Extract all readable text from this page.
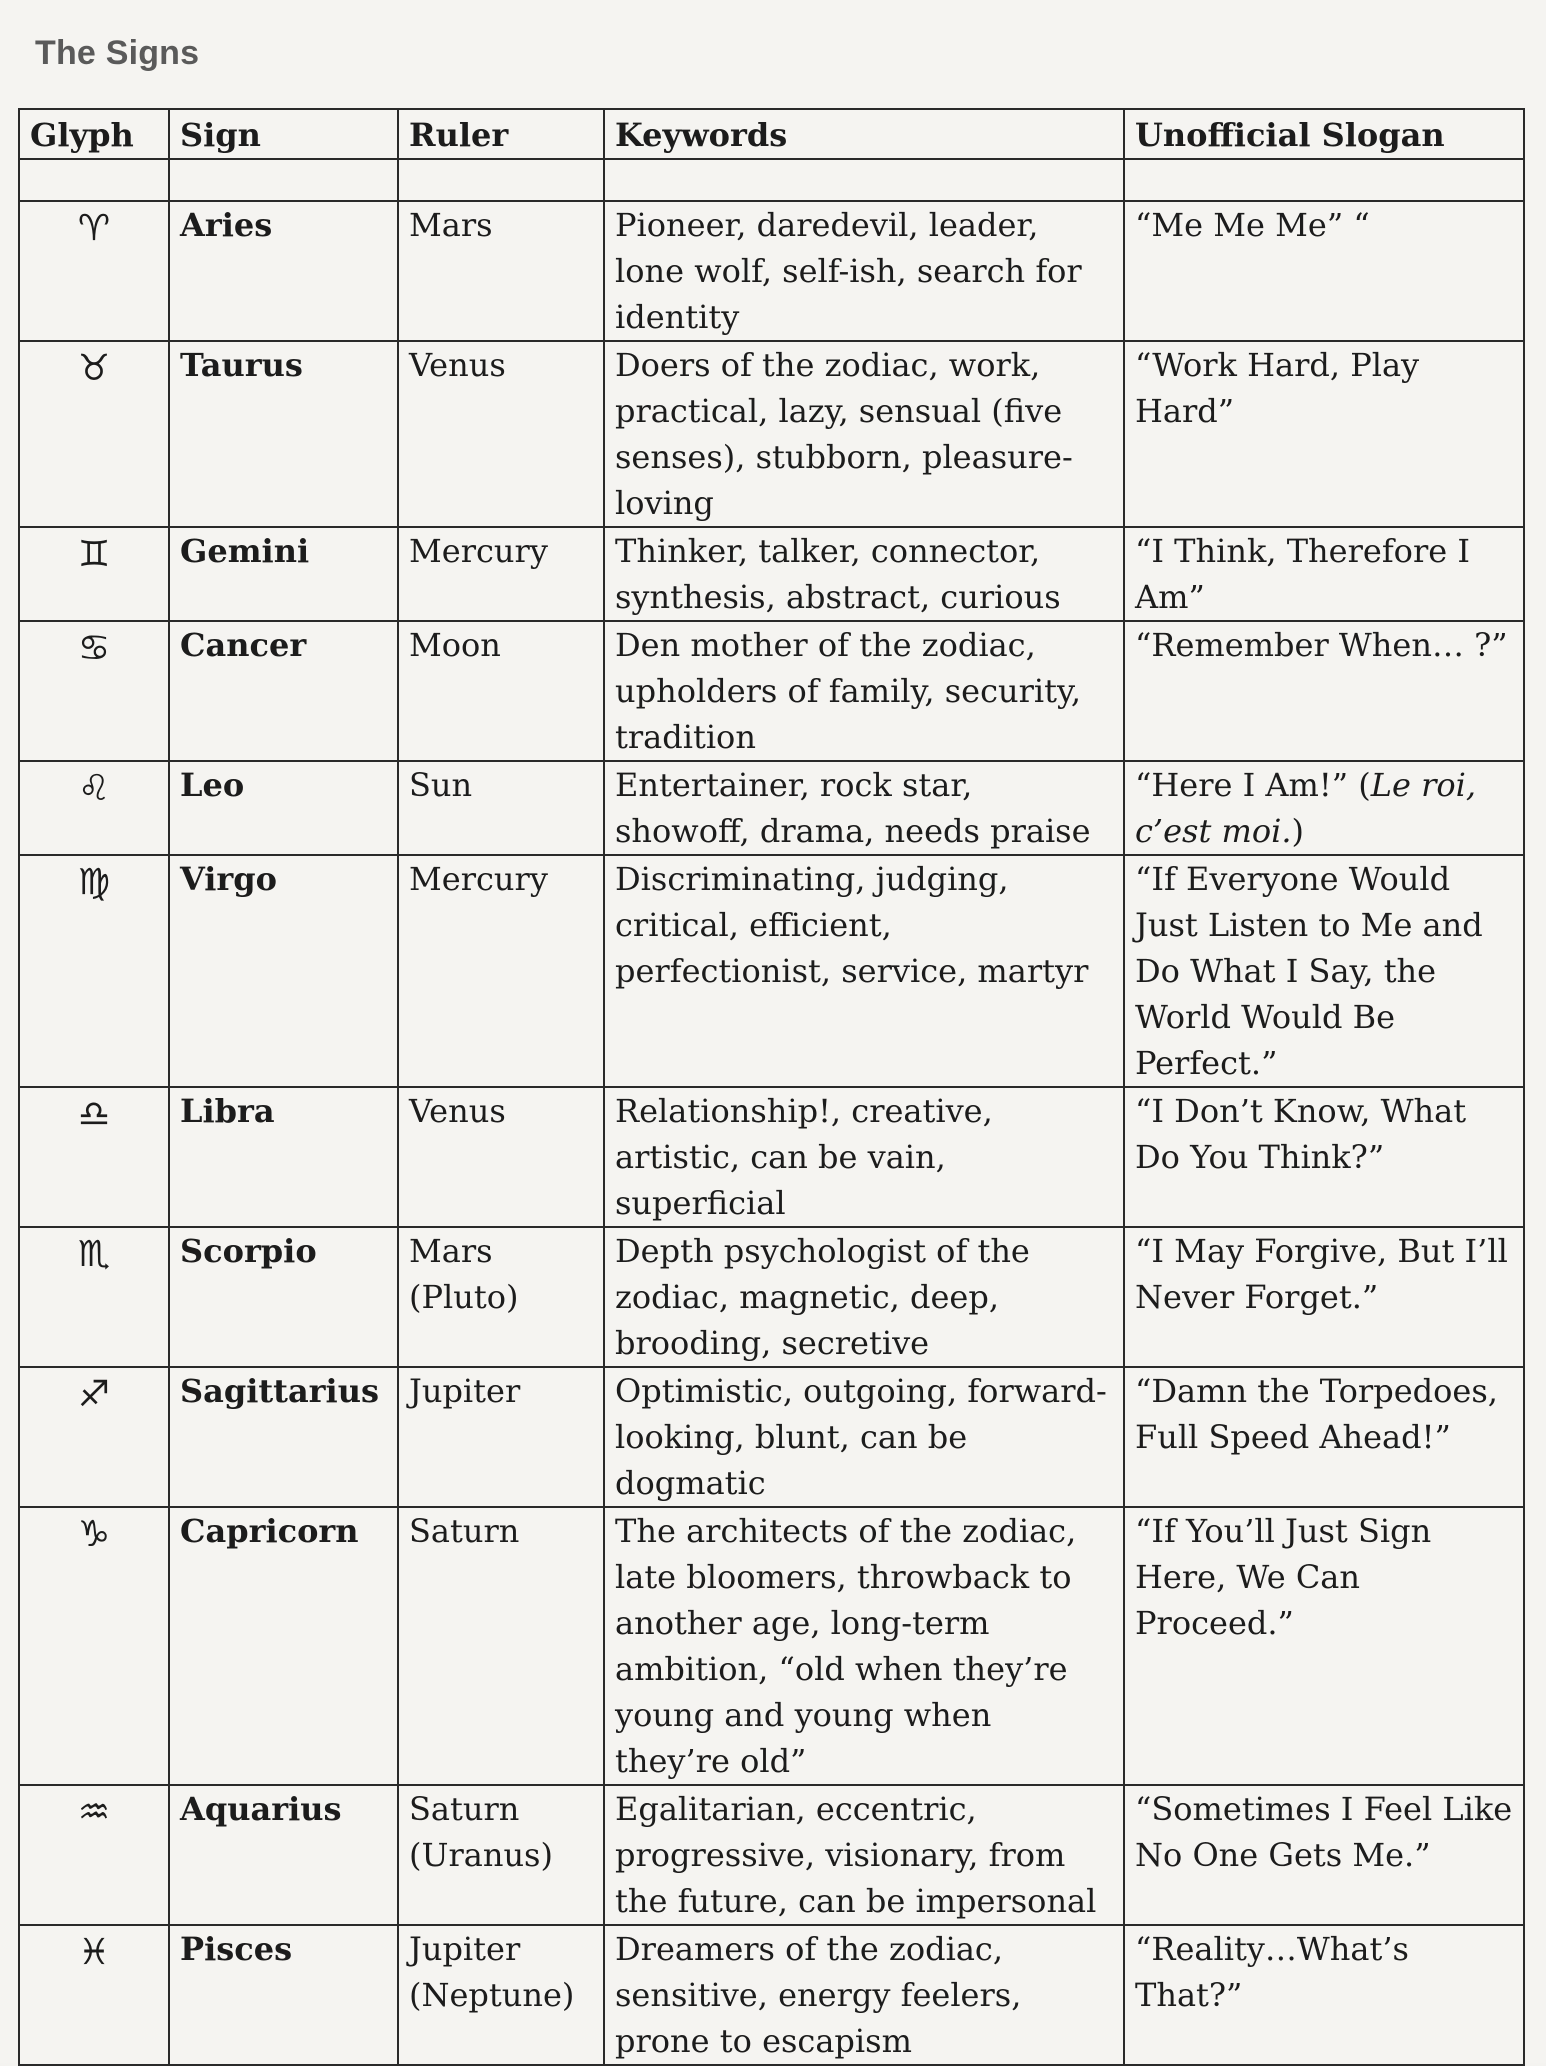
The Signs
Glyph	Sign	Ruler	Keywords	Unofficial Slogan

♈	Aries	Mars	Pioneer, daredevil, leader, lone wolf, self-ish, search for identity	“Me Me Me” “
♉	Taurus	Venus	Doers of the zodiac, work, practical, lazy, sensual (five senses), stubborn, pleasure-loving	“Work Hard, Play Hard”
♊	Gemini	Mercury	Thinker, talker, connector, synthesis, abstract, curious	“I Think, Therefore I Am”
♋	Cancer	Moon	Den mother of the zodiac, upholders of family, security, tradition	“Remember When… ?”
♌	Leo	Sun	Entertainer, rock star, showoff, drama, needs praise	“Here I Am!” (Le roi, c’est moi.)
♍	Virgo	Mercury	Discriminating, judging, critical, efficient, perfectionist, service, martyr	“If Everyone Would Just Listen to Me and Do What I Say, the World Would Be Perfect.”
♎	Libra	Venus	Relationship!, creative, artistic, can be vain, superficial	“I Don’t Know, What Do You Think?”
♏	Scorpio	Mars (Pluto)	Depth psychologist of the zodiac, magnetic, deep, brooding, secretive	“I May Forgive, But I’ll Never Forget.”
♐	Sagittarius	Jupiter	Optimistic, outgoing, forward-looking, blunt, can be dogmatic	“Damn the Torpedoes, Full Speed Ahead!”
♑	Capricorn	Saturn	The architects of the zodiac, late bloomers, throwback to another age, long-term ambition, “old when they’re young and young when they’re old”	“If You’ll Just Sign Here, We Can Proceed.”
♒	Aquarius	Saturn (Uranus)	Egalitarian, eccentric, progressive, visionary, from the future, can be impersonal	“Sometimes I Feel Like No One Gets Me.”
♓	Pisces	Jupiter (Neptune)	Dreamers of the zodiac, sensitive, energy feelers, prone to escapism	“Reality…What’s That?”
